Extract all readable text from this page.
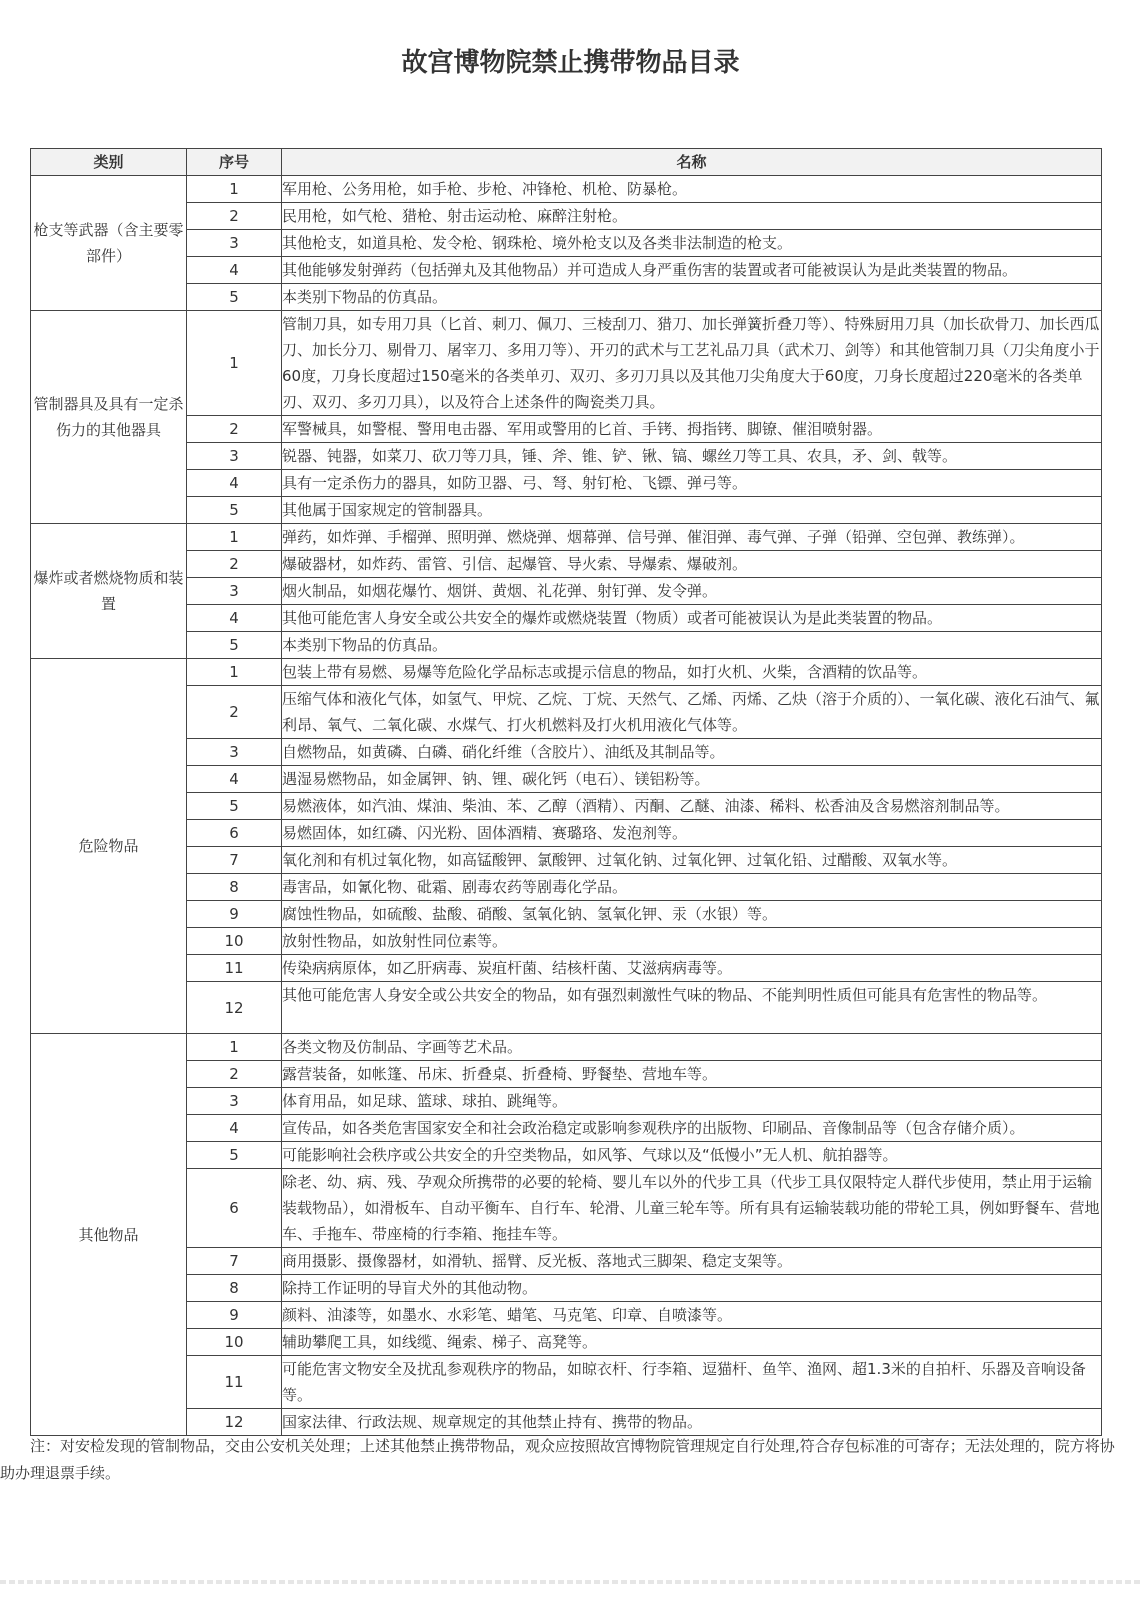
故宫博物院禁止携带物品目录
类别	序号	名称
枪支等武器（含主要零部件）	1	军用枪、公务用枪，如手枪、步枪、冲锋枪、机枪、防暴枪。
	2	民用枪，如气枪、猎枪、射击运动枪、麻醉注射枪。
	3	其他枪支，如道具枪、发令枪、钢珠枪、境外枪支以及各类非法制造的枪支。
	4	其他能够发射弹药（包括弹丸及其他物品）并可造成人身严重伤害的装置或者可能被误认为是此类装置的物品。
	5	本类别下物品的仿真品。
管制器具及具有一定杀伤力的其他器具	1	管制刀具，如专用刀具（匕首、刺刀、佩刀、三棱刮刀、猎刀、加长弹簧折叠刀等）、特殊厨用刀具（加长砍骨刀、加长西瓜刀、加长分刀、剔骨刀、屠宰刀、多用刀等）、开刃的武术与工艺礼品刀具（武术刀、剑等）和其他管制刀具（刀尖角度小于60度，刀身长度超过150毫米的各类单刃、双刃、多刃刀具以及其他刀尖角度大于60度，刀身长度超过220毫米的各类单刃、双刃、多刃刀具），以及符合上述条件的陶瓷类刀具。
	2	军警械具，如警棍、警用电击器、军用或警用的匕首、手铐、拇指铐、脚镣、催泪喷射器。
	3	锐器、钝器，如菜刀、砍刀等刀具，锤、斧、锥、铲、锹、镐、螺丝刀等工具、农具，矛、剑、戟等。
	4	具有一定杀伤力的器具，如防卫器、弓、弩、射钉枪、飞镖、弹弓等。
	5	其他属于国家规定的管制器具。
爆炸或者燃烧物质和装置	1	弹药，如炸弹、手榴弹、照明弹、燃烧弹、烟幕弹、信号弹、催泪弹、毒气弹、子弹（铅弹、空包弹、教练弹）。
	2	爆破器材，如炸药、雷管、引信、起爆管、导火索、导爆索、爆破剂。
	3	烟火制品，如烟花爆竹、烟饼、黄烟、礼花弹、射钉弹、发令弹。
	4	其他可能危害人身安全或公共安全的爆炸或燃烧装置（物质）或者可能被误认为是此类装置的物品。
	5	本类别下物品的仿真品。
危险物品	1	包装上带有易燃、易爆等危险化学品标志或提示信息的物品，如打火机、火柴，含酒精的饮品等。
	2	压缩气体和液化气体，如氢气、甲烷、乙烷、丁烷、天然气、乙烯、丙烯、乙炔（溶于介质的）、一氧化碳、液化石油气、氟利昂、氧气、二氧化碳、水煤气、打火机燃料及打火机用液化气体等。
	3	自燃物品，如黄磷、白磷、硝化纤维（含胶片）、油纸及其制品等。
	4	遇湿易燃物品，如金属钾、钠、锂、碳化钙（电石）、镁铝粉等。
	5	易燃液体，如汽油、煤油、柴油、苯、乙醇（酒精）、丙酮、乙醚、油漆、稀料、松香油及含易燃溶剂制品等。
	6	易燃固体，如红磷、闪光粉、固体酒精、赛璐珞、发泡剂等。
	7	氧化剂和有机过氧化物，如高锰酸钾、氯酸钾、过氧化钠、过氧化钾、过氧化铅、过醋酸、双氧水等。
	8	毒害品，如氰化物、砒霜、剧毒农药等剧毒化学品。
	9	腐蚀性物品，如硫酸、盐酸、硝酸、氢氧化钠、氢氧化钾、汞（水银）等。
	10	放射性物品，如放射性同位素等。
	11	传染病病原体，如乙肝病毒、炭疽杆菌、结核杆菌、艾滋病病毒等。
	12	其他可能危害人身安全或公共安全的物品，如有强烈刺激性气味的物品、不能判明性质但可能具有危害性的物品等。
其他物品	1	各类文物及仿制品、字画等艺术品。
	2	露营装备，如帐篷、吊床、折叠桌、折叠椅、野餐垫、营地车等。
	3	体育用品，如足球、篮球、球拍、跳绳等。
	4	宣传品，如各类危害国家安全和社会政治稳定或影响参观秩序的出版物、印刷品、音像制品等（包含存储介质）。
	5	可能影响社会秩序或公共安全的升空类物品，如风筝、气球以及“低慢小”无人机、航拍器等。
	6	除老、幼、病、残、孕观众所携带的必要的轮椅、婴儿车以外的代步工具（代步工具仅限特定人群代步使用，禁止用于运输装载物品），如滑板车、自动平衡车、自行车、轮滑、儿童三轮车等。所有具有运输装载功能的带轮工具，例如野餐车、营地车、手拖车、带座椅的行李箱、拖挂车等。
	7	商用摄影、摄像器材，如滑轨、摇臂、反光板、落地式三脚架、稳定支架等。
	8	除持工作证明的导盲犬外的其他动物。
	9	颜料、油漆等，如墨水、水彩笔、蜡笔、马克笔、印章、自喷漆等。
	10	辅助攀爬工具，如线缆、绳索、梯子、高凳等。
	11	可能危害文物安全及扰乱参观秩序的物品，如晾衣杆、行李箱、逗猫杆、鱼竿、渔网、超1.3米的自拍杆、乐器及音响设备等。
	12	国家法律、行政法规、规章规定的其他禁止持有、携带的物品。

注：对安检发现的管制物品，交由公安机关处理；上述其他禁止携带物品，观众应按照故宫博物院管理规定自行处理,符合存包标准的可寄存；无法处理的，院方将协助办理退票手续。
